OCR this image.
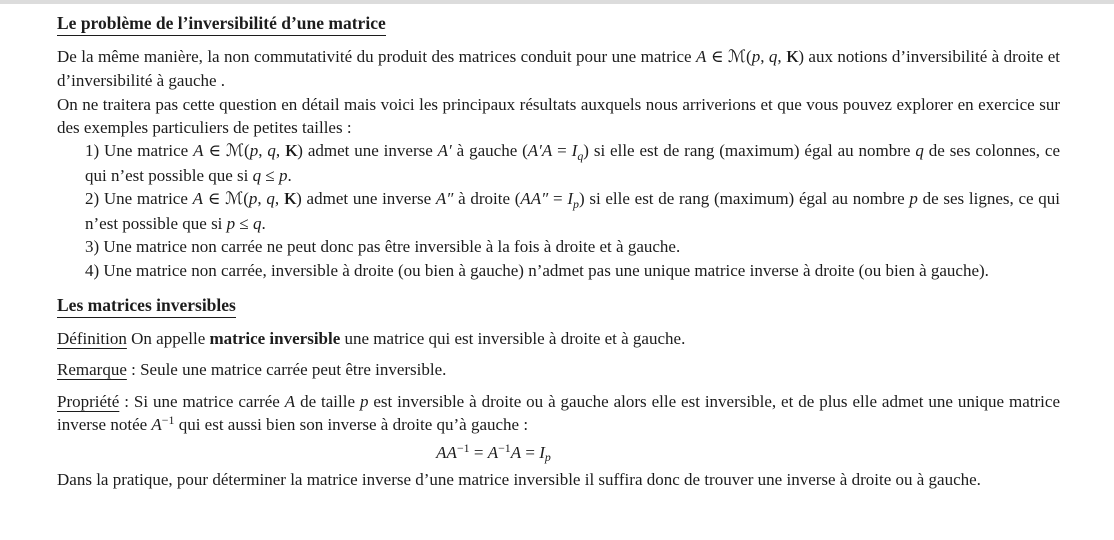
Le problème de l’inversibilité d’une matrice

De la même manière, la non commutativité du produit des matrices conduit pour une matrice A ∈ ℳ(p, q, K) aux notions d’inversibilité à droite et d’inversibilité à gauche .

On ne traitera pas cette question en détail mais voici les principaux résultats auxquels nous arriverions et que vous pouvez explorer en exercice sur des exemples particuliers de petites tailles :

1) Une matrice A ∈ ℳ(p, q, K) admet une inverse A′ à gauche (A′A = Iq) si elle est de rang (maximum) égal au nombre q de ses colonnes, ce qui n’est possible que si q ≤ p.

2) Une matrice A ∈ ℳ(p, q, K) admet une inverse A″ à droite (AA″ = Ip) si elle est de rang (maximum) égal au nombre p de ses lignes, ce qui n’est possible que si p ≤ q.

3) Une matrice non carrée ne peut donc pas être inversible à la fois à droite et à gauche.

4) Une matrice non carrée, inversible à droite (ou bien à gauche) n’admet pas une unique matrice inverse à droite (ou bien à gauche).

Les matrices inversibles

Définition On appelle matrice inversible une matrice qui est inversible à droite et à gauche.

Remarque : Seule une matrice carrée peut être inversible.

Propriété : Si une matrice carrée A de taille p est inversible à droite ou à gauche alors elle est inversible, et de plus elle admet une unique matrice inverse notée $A^{-1}$ qui est aussi bien son inverse à droite qu’à gauche :

$AA^{-1} = A^{-1}A = Ip$

Dans la pratique, pour déterminer la matrice inverse d’une matrice inversible il suffira donc de trouver une inverse à droite ou à gauche.
